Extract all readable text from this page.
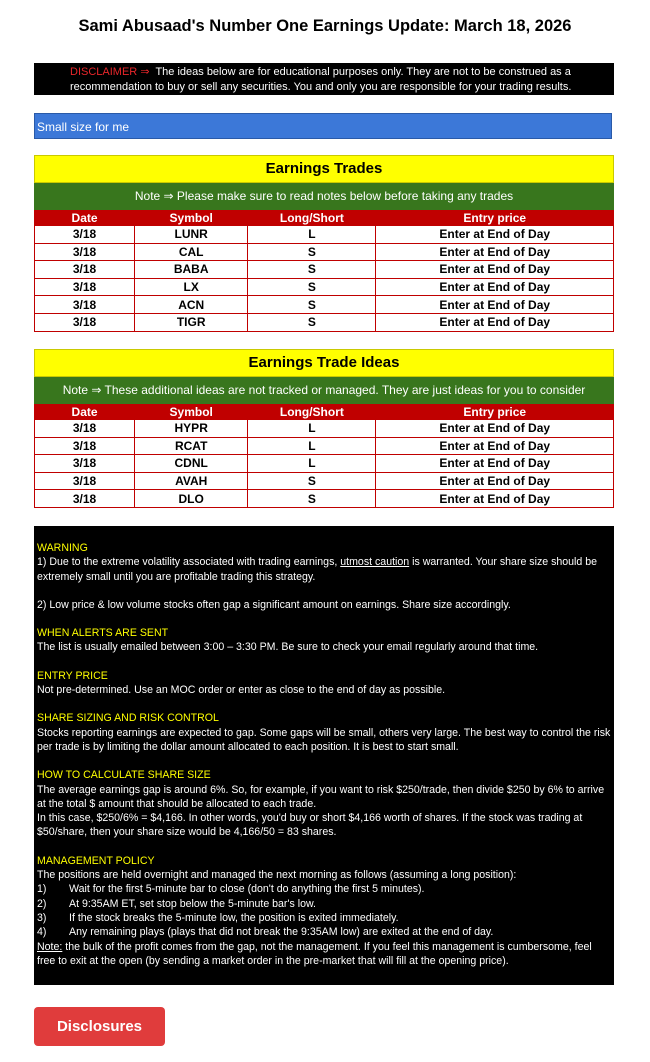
Sami Abusaad's Number One Earnings Update: March 18, 2026
DISCLAIMER ⇒ The ideas below are for educational purposes only. They are not to be construed as a
recommendation to buy or sell any securities. You and only you are responsible for your trading results.
Small size for me
Earnings Trades			
Note ⇒ Please make sure to read notes below before taking any trades			
Date	Symbol	Long/Short	Entry price
3/18	LUNR	L	Enter at End of Day
3/18	CAL	S	Enter at End of Day
3/18	BABA	S	Enter at End of Day
3/18	LX	S	Enter at End of Day
3/18	ACN	S	Enter at End of Day
3/18	TIGR	S	Enter at End of Day
Earnings Trade Ideas			
Note ⇒ These additional ideas are not tracked or managed. They are just ideas for you to consider			
Date	Symbol	Long/Short	Entry price
3/18	HYPR	L	Enter at End of Day
3/18	RCAT	L	Enter at End of Day
3/18	CDNL	L	Enter at End of Day
3/18	AVAH	S	Enter at End of Day
3/18	DLO	S	Enter at End of Day

WARNING

1) Due to the extreme volatility associated with trading earnings, utmost caution is warranted. Your share size should be extremely small until you are profitable trading this strategy.

2) Low price & low volume stocks often gap a significant amount on earnings. Share size accordingly.

WHEN ALERTS ARE SENT

The list is usually emailed between 3:00 – 3:30 PM. Be sure to check your email regularly around that time.

ENTRY PRICE

Not pre-determined. Use an MOC order or enter as close to the end of day as possible.

SHARE SIZING AND RISK CONTROL

Stocks reporting earnings are expected to gap. Some gaps will be small, others very large. The best way to control the risk per trade is by limiting the dollar amount allocated to each position. It is best to start small.

HOW TO CALCULATE SHARE SIZE

The average earnings gap is around 6%. So, for example, if you want to risk $250/trade, then divide $250 by 6% to arrive at the total $ amount that should be allocated to each trade.

In this case, $250/6% = $4,166. In other words, you'd buy or short $4,166 worth of shares. If the stock was trading at $50/share, then your share size would be 4,166/50 = 83 shares.

MANAGEMENT POLICY

The positions are held overnight and managed the next morning as follows (assuming a long position):

1) Wait for the first 5-minute bar to close (don't do anything the first 5 minutes).

2) At 9:35AM ET, set stop below the 5-minute bar's low.

3) If the stock breaks the 5-minute low, the position is exited immediately.

4) Any remaining plays (plays that did not break the 9:35AM low) are exited at the end of day.

Note: the bulk of the profit comes from the gap, not the management. If you feel this management is cumbersome, feel free to exit at the open (by sending a market order in the pre-market that will fill at the opening price).

Disclosures
